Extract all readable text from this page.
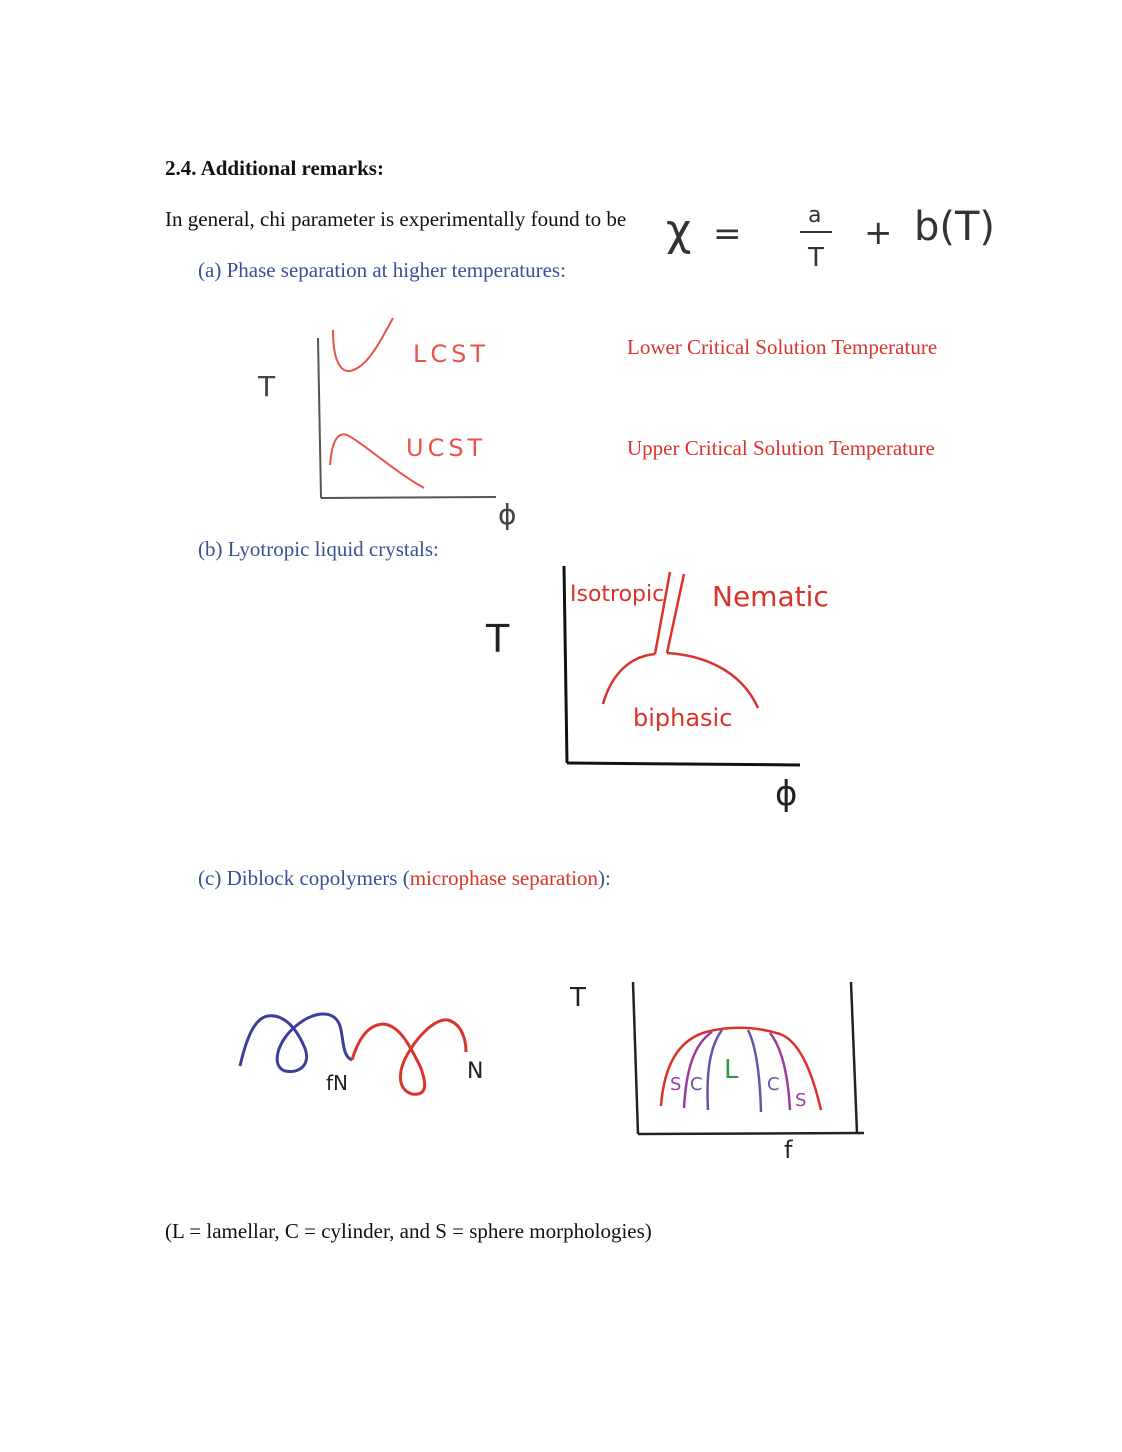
2.4. Additional remarks:
In general, chi parameter is experimentally found to be χ =	a
T
+ b(T)
(a) Phase separation at higher temperatures:
T
ϕ
LCST
UCST
Lower Critical Solution Temperature
Upper Critical Solution Temperature
(b) Lyotropic liquid crystals:
T
ϕ
Isotropic Nematic
biphasic
(c) Diblock copolymers (microphase separation):
fN	N
T
f
S C L C
S
(L = lamellar, C = cylinder, and S = sphere morphologies)
